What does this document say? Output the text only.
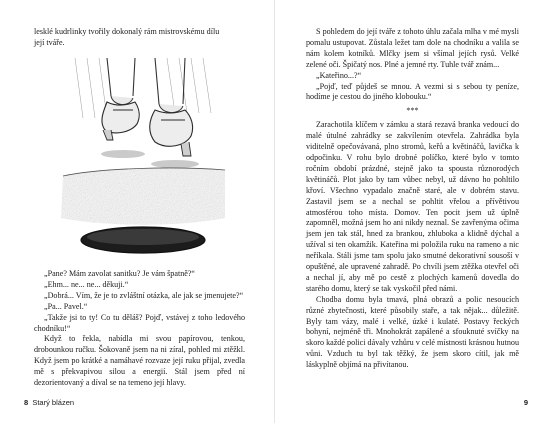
lesklé kudrlinky tvořily dokonalý rám mistrovskému dílu

její tváře.

„Pane? Mám zavolat sanitku? Je vám špatně?“

„Ehm... ne... ne... děkuji.“

„Dobrá... Vím, že je to zvláštní otázka, ale jak se jmenujete?“

„Pa... Pavel.“

„Takže jsi to ty! Co tu děláš? Pojď, vstávej z toho ledového chodníku!“

Když to řekla, nabídla mi svou papírovou, tenkou, drobounkou ručku. Šokovaně jsem na ni zíral, pohled mi ztěžkl. Když jsem po krátké a namáhavé rozvaze její ruku přijal, zvedla mě s překvapivou silou a energií. Stál jsem před ní dezorientovaný a díval se na temeno její hlavy.

8 Starý blázen

S pohledem do její tváře z tohoto úhlu začala mlha v mé mysli pomalu ustupovat. Zůstala ležet tam dole na chodníku a valila se nám kolem kotníků. Mlčky jsem si všímal jejích rysů. Velké zelené oči. Špičatý nos. Plné a jemné rty. Tuhle tvář znám...

„Kateřino...?“

„Pojď, teď půjdeš se mnou. A vezmi si s sebou ty peníze, hodíme je cestou do jiného klobouku.“

***

Zarachotila klíčem v zámku a stará rezavá branka vedoucí do malé útulné zahrádky se zakvílením otevřela. Zahrádka byla viditelně opečovávaná, plno stromů, keřů a květináčů, lavička k odpočinku. V rohu bylo drobné políčko, které bylo v tomto ročním období prázdné, stejně jako ta spousta různorodých květináčů. Plot jako by tam vůbec nebyl, už dávno ho pohltilo křoví. Všechno vypadalo značně staré, ale v dobrém stavu. Zastavil jsem se a nechal se pohltit vřelou a přívětivou atmosférou toho místa. Domov. Ten pocit jsem už úplně zapomněl, možná jsem ho ani nikdy neznal. Se zavřenýma očima jsem jen tak stál, hned za brankou, zhluboka a klidně dýchal a užíval si ten okamžik. Kateřina mi položila ruku na rameno a nic neříkala. Stáli jsme tam spolu jako smutné dekorativní sousoší v opuštěné, ale upravené zahradě. Po chvíli jsem ztěžka otevřel oči a nechal jí, aby mě po cestě z plochých kamenů dovedla do starého domu, který se tak vyskočil před námi.

Chodba domu byla tmavá, plná obrazů a polic nesoucích různé zbytečnosti, které působily staře, a tak nějak... důležitě. Byly tam vázy, malé i velké, úzké i kulaté. Postavy řeckých bohyní, nejméně tři. Mnohokrát zapálené a sfouknuté svíčky na skoro každé polici dávaly vzhůru v celé místnosti krásnou hutnou vůni. Vzduch tu byl tak těžký, že jsem skoro cítil, jak mě láskyplně objímá na přivítanou.

9
